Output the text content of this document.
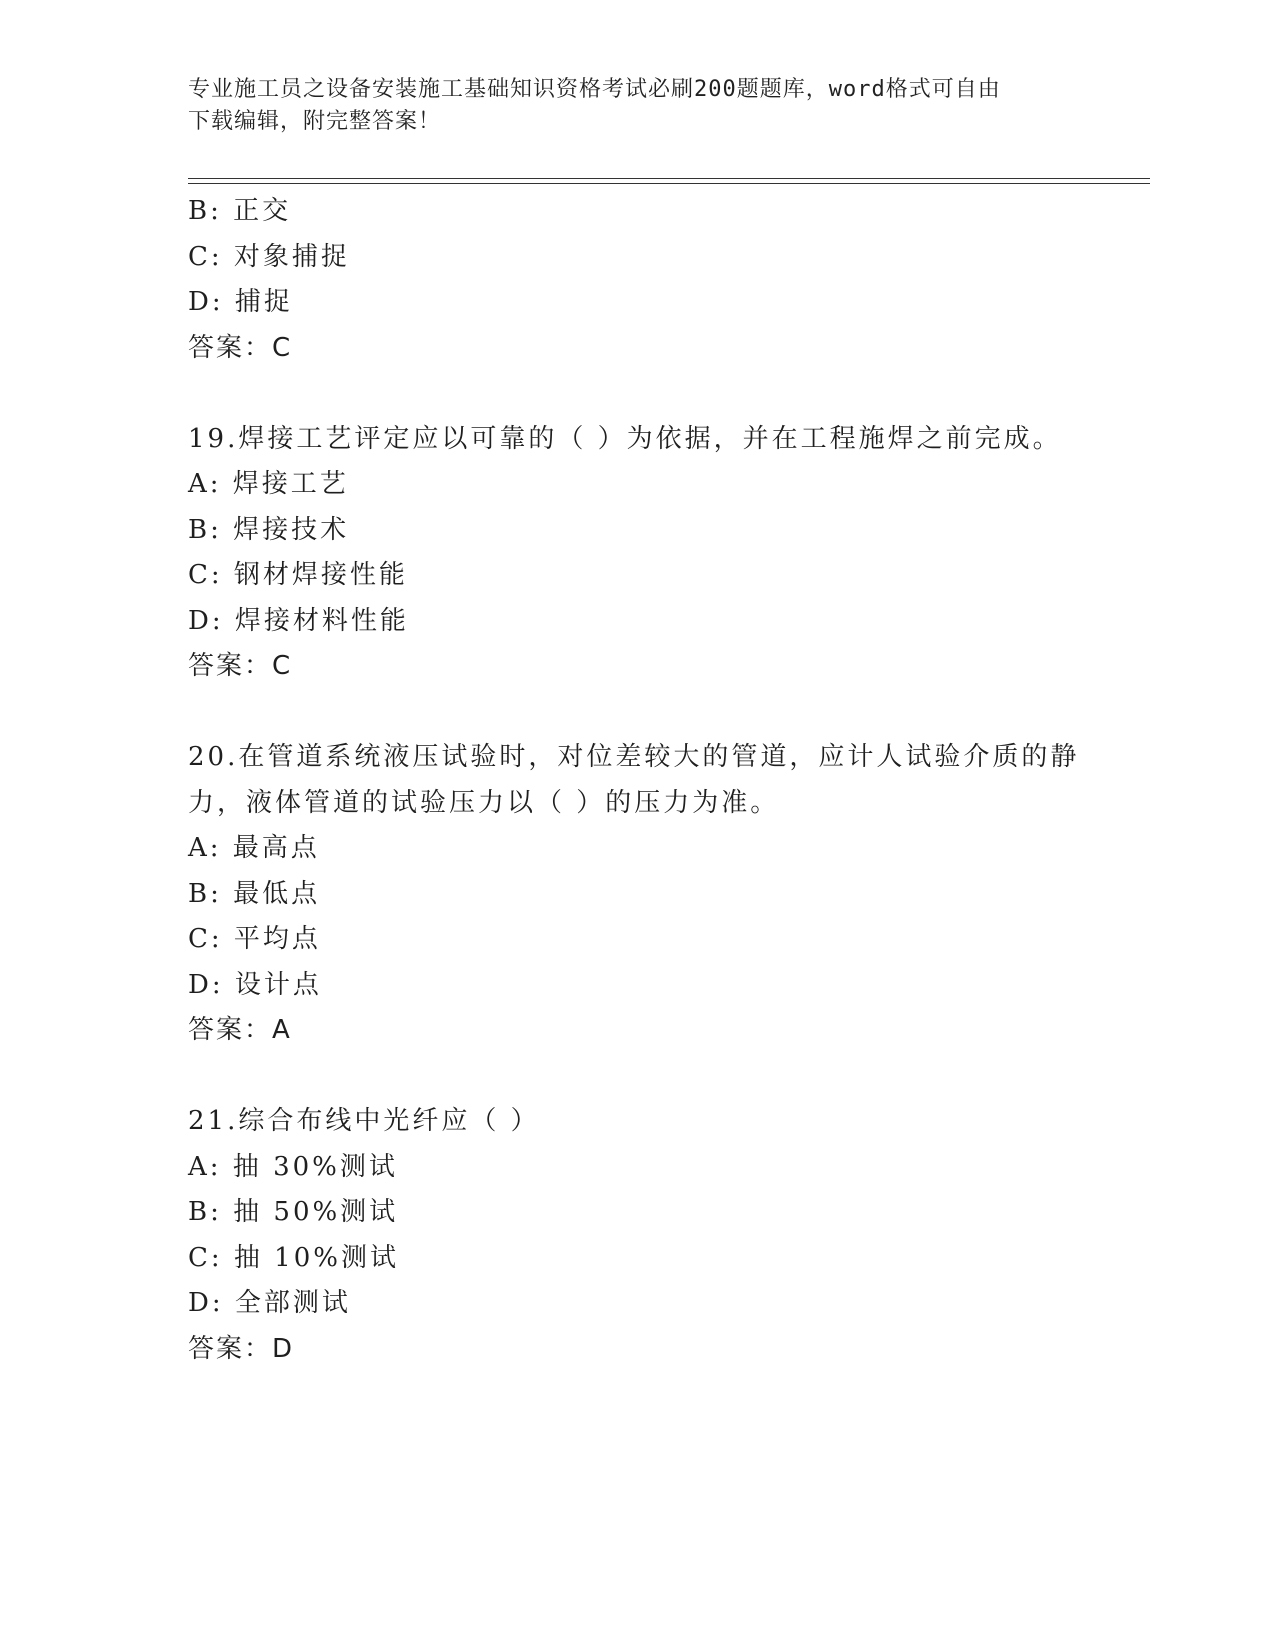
专业施工员之设备安装施工基础知识资格考试必刷200题题库，word格式可自由
下载编辑，附完整答案！
B: 正交
C: 对象捕捉
D: 捕捉
答案：C
19.焊接工艺评定应以可靠的（ ）为依据，并在工程施焊之前完成。
A: 焊接工艺
B: 焊接技术
C: 钢材焊接性能
D: 焊接材料性能
答案：C
20.在管道系统液压试验时，对位差较大的管道，应计人试验介质的静
力，液体管道的试验压力以（ ）的压力为准。
A: 最高点
B: 最低点
C: 平均点
D: 设计点
答案：A
21.综合布线中光纤应（ ）
A: 抽 30%测试
B: 抽 50%测试
C: 抽 10%测试
D: 全部测试
答案：D
